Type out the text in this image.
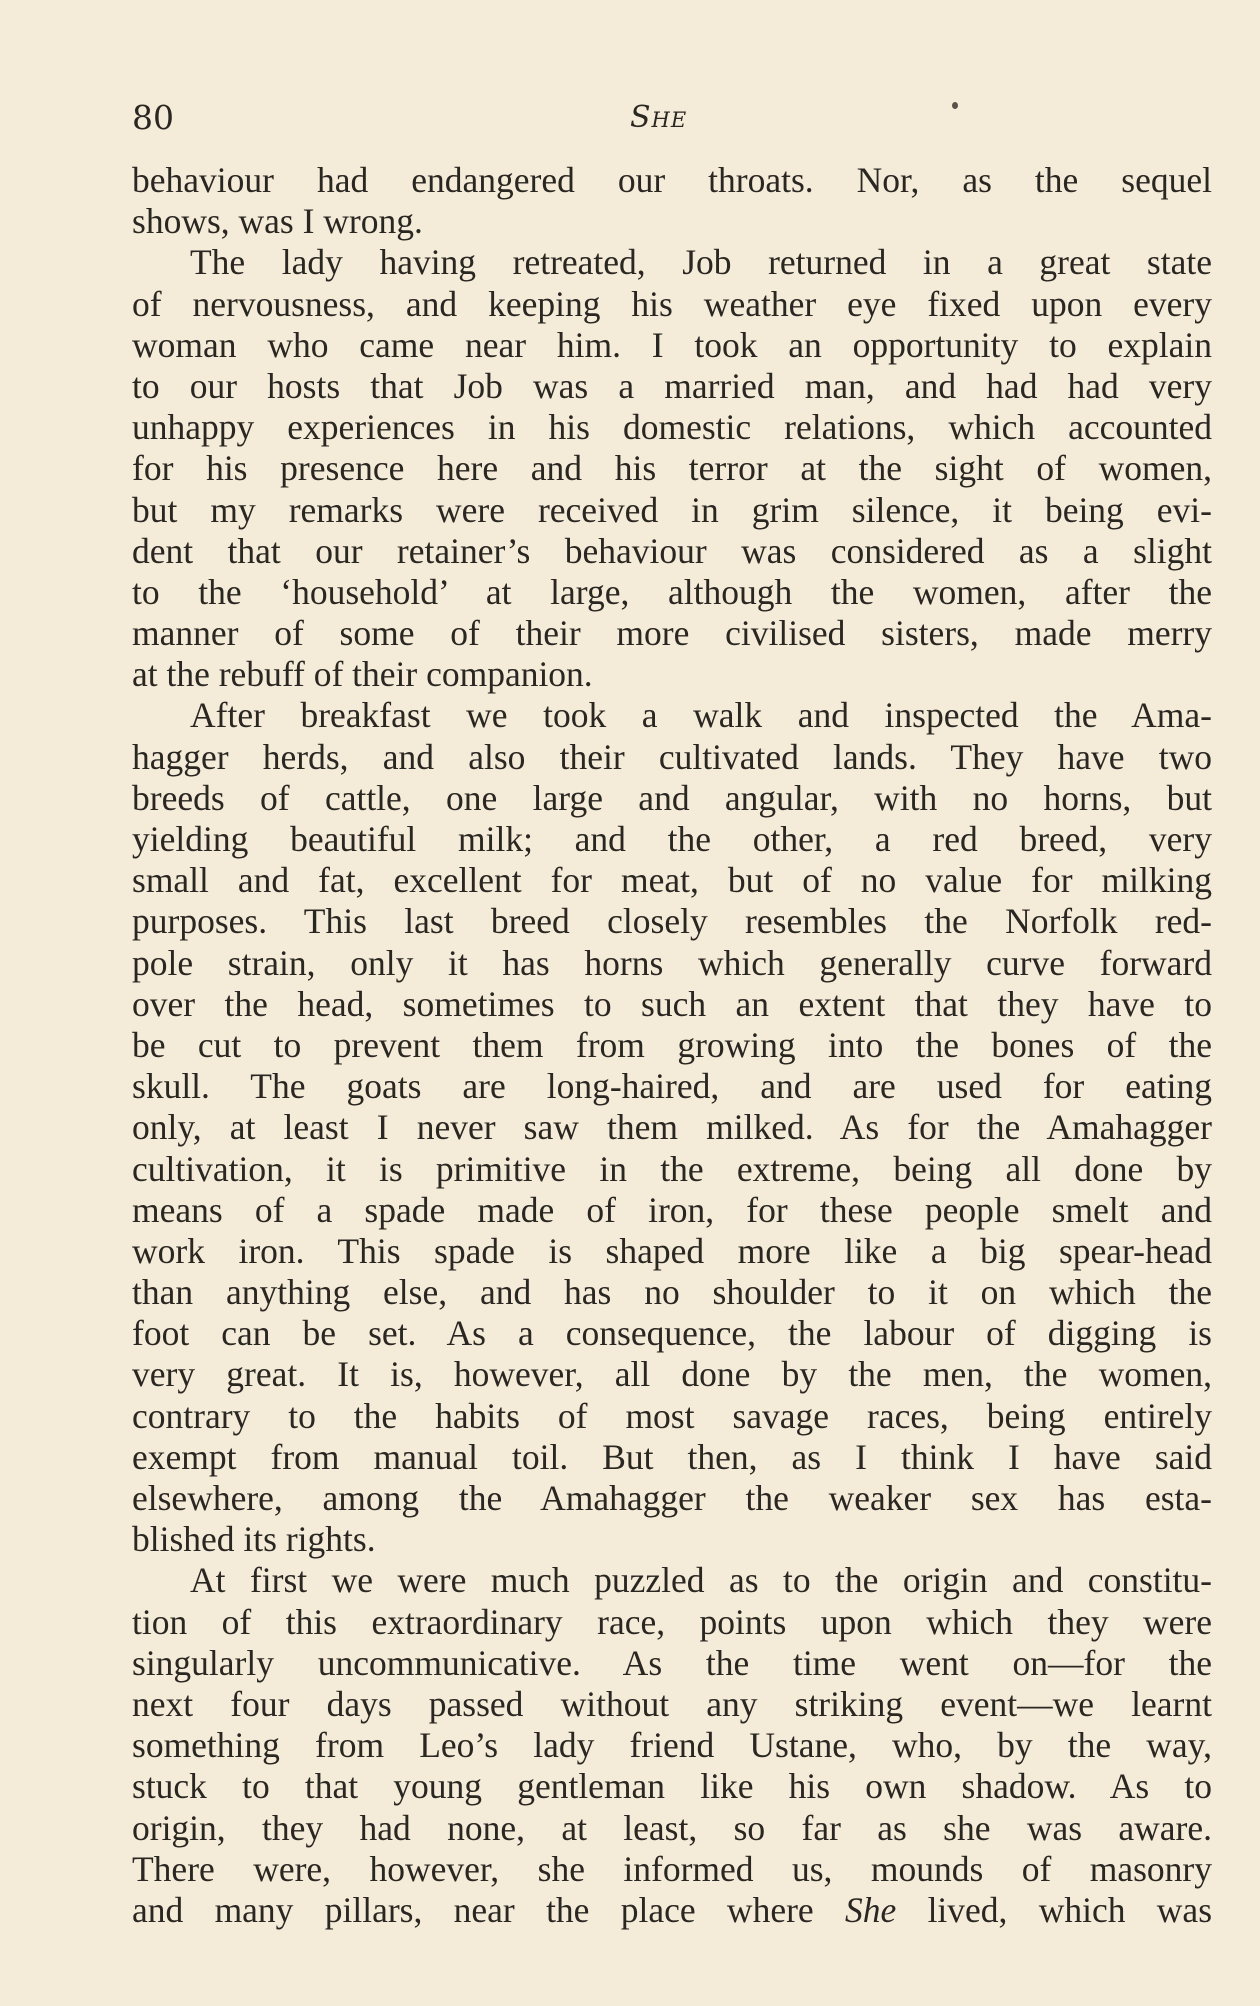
80	She
behaviour had endangered our throats. Nor, as the sequel
shows, was I wrong.
The lady having retreated, Job returned in a great state
of nervousness, and keeping his weather eye fixed upon every
woman who came near him. I took an opportunity to explain
to our hosts that Job was a married man, and had had very
unhappy experiences in his domestic relations, which accounted
for his presence here and his terror at the sight of women,
but my remarks were received in grim silence, it being evi-
dent that our retainer’s behaviour was considered as a slight
to the ‘household’ at large, although the women, after the
manner of some of their more civilised sisters, made merry
at the rebuff of their companion.
After breakfast we took a walk and inspected the Ama-
hagger herds, and also their cultivated lands. They have two
breeds of cattle, one large and angular, with no horns, but
yielding beautiful milk; and the other, a red breed, very
small and fat, excellent for meat, but of no value for milking
purposes. This last breed closely resembles the Norfolk red-
pole strain, only it has horns which generally curve forward
over the head, sometimes to such an extent that they have to
be cut to prevent them from growing into the bones of the
skull. The goats are long-haired, and are used for eating
only, at least I never saw them milked. As for the Amahagger
cultivation, it is primitive in the extreme, being all done by
means of a spade made of iron, for these people smelt and
work iron. This spade is shaped more like a big spear-head
than anything else, and has no shoulder to it on which the
foot can be set. As a consequence, the labour of digging is
very great. It is, however, all done by the men, the women,
contrary to the habits of most savage races, being entirely
exempt from manual toil. But then, as I think I have said
elsewhere, among the Amahagger the weaker sex has esta-
blished its rights.
At first we were much puzzled as to the origin and constitu-
tion of this extraordinary race, points upon which they were
singularly uncommunicative. As the time went on—for the
next four days passed without any striking event—we learnt
something from Leo’s lady friend Ustane, who, by the way,
stuck to that young gentleman like his own shadow. As to
origin, they had none, at least, so far as she was aware.
There were, however, she informed us, mounds of masonry
and many pillars, near the place where She lived, which was
